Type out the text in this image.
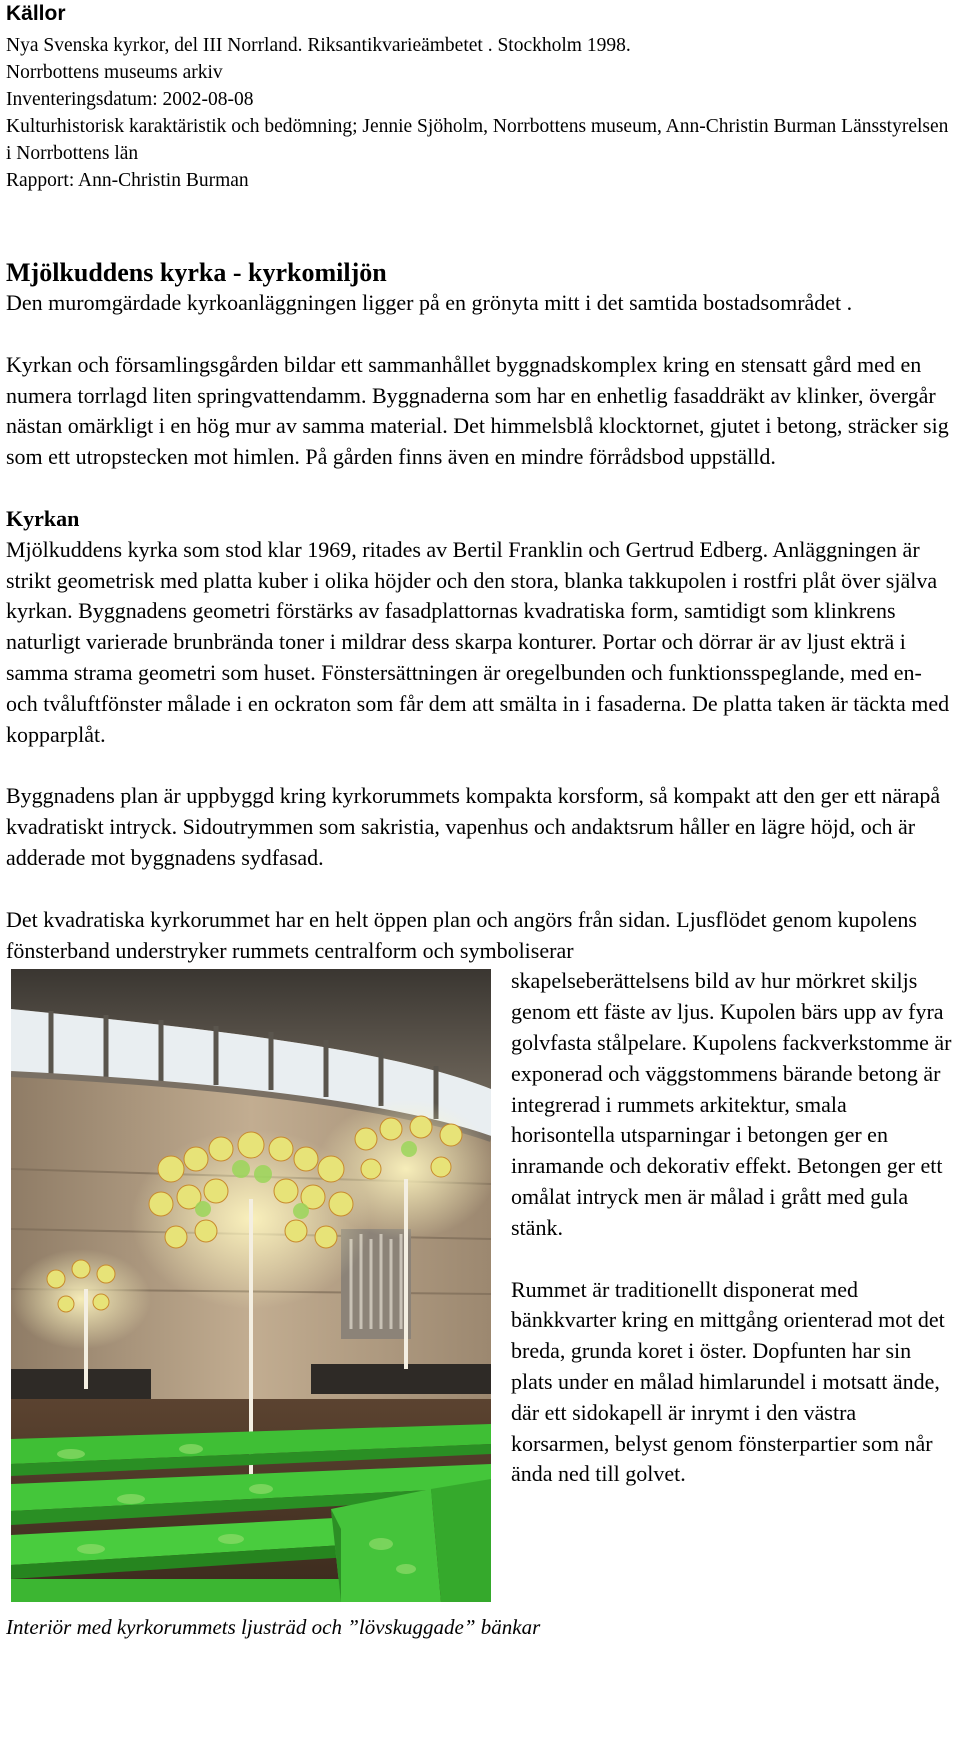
Källor
Nya Svenska kyrkor, del III Norrland. Riksantikvarieämbetet . Stockholm 1998.
Norrbottens museums arkiv
Inventeringsdatum: 2002-08-08
Kulturhistorisk karaktäristik och bedömning; Jennie Sjöholm, Norrbottens museum, Ann-Christin Burman Länsstyrelsen i Norrbottens län
Rapport: Ann-Christin Burman
Mjölkuddens kyrka - kyrkomiljön

Den muromgärdade kyrkoanläggningen ligger på en grönyta mitt i det samtida bostadsområdet .

Kyrkan och församlingsgården bildar ett sammanhållet byggnadskomplex kring en stensatt gård med en numera torrlagd liten springvattendamm. Byggnaderna som har en enhetlig fasaddräkt av klinker, övergår nästan omärkligt i en hög mur av samma material. Det himmelsblå klocktornet, gjutet i betong, sträcker sig som ett utropstecken mot himlen. På gården finns även en mindre förrådsbod uppställd.

Kyrkan

Mjölkuddens kyrka som stod klar 1969, ritades av Bertil Franklin och Gertrud Edberg. Anläggningen är strikt geometrisk med platta kuber i olika höjder och den stora, blanka takkupolen i rostfri plåt över själva kyrkan. Byggnadens geometri förstärks av fasadplattornas kvadratiska form, samtidigt som klinkrens naturligt varierade brunbrända toner i mildrar dess skarpa konturer. Portar och dörrar är av ljust ekträ i samma strama geometri som huset. Fönstersättningen är oregelbunden och funktionsspeglande, med en- och tvåluftfönster målade i en ockraton som får dem att smälta in i fasaderna. De platta taken är täckta med kopparplåt.

Byggnadens plan är uppbyggd kring kyrkorummets kompakta korsform, så kompakt att den ger ett närapå kvadratiskt intryck. Sidoutrymmen som sakristia, vapenhus och andaktsrum håller en lägre höjd, och är adderade mot byggnadens sydfasad.

Det kvadratiska kyrkorummet har en helt öppen plan och angörs från sidan. Ljusflödet genom kupolens fönsterband understryker rummets centralform och symboliserar
skapelseberättelsens bild av hur mörkret skiljs genom ett fäste av ljus. Kupolen bärs upp av fyra golvfasta stålpelare. Kupolens fackverkstomme är exponerad och väggstommens bärande betong är integrerad i rummets arkitektur, smala horisontella utsparningar i betongen ger en inramande och dekorativ effekt. Betongen ger ett omålat intryck men är målad i grått med gula stänk.

Rummet är traditionellt disponerat med bänkkvarter kring en mittgång orienterad mot det breda, grunda koret i öster. Dopfunten har sin plats under en målad himlarundel i motsatt ände, där ett sidokapell är inrymt i den västra korsarmen, belyst genom fönsterpartier som når ända ned till golvet.

Interiör med kyrkorummets ljusträd och ”lövskuggade” bänkar
